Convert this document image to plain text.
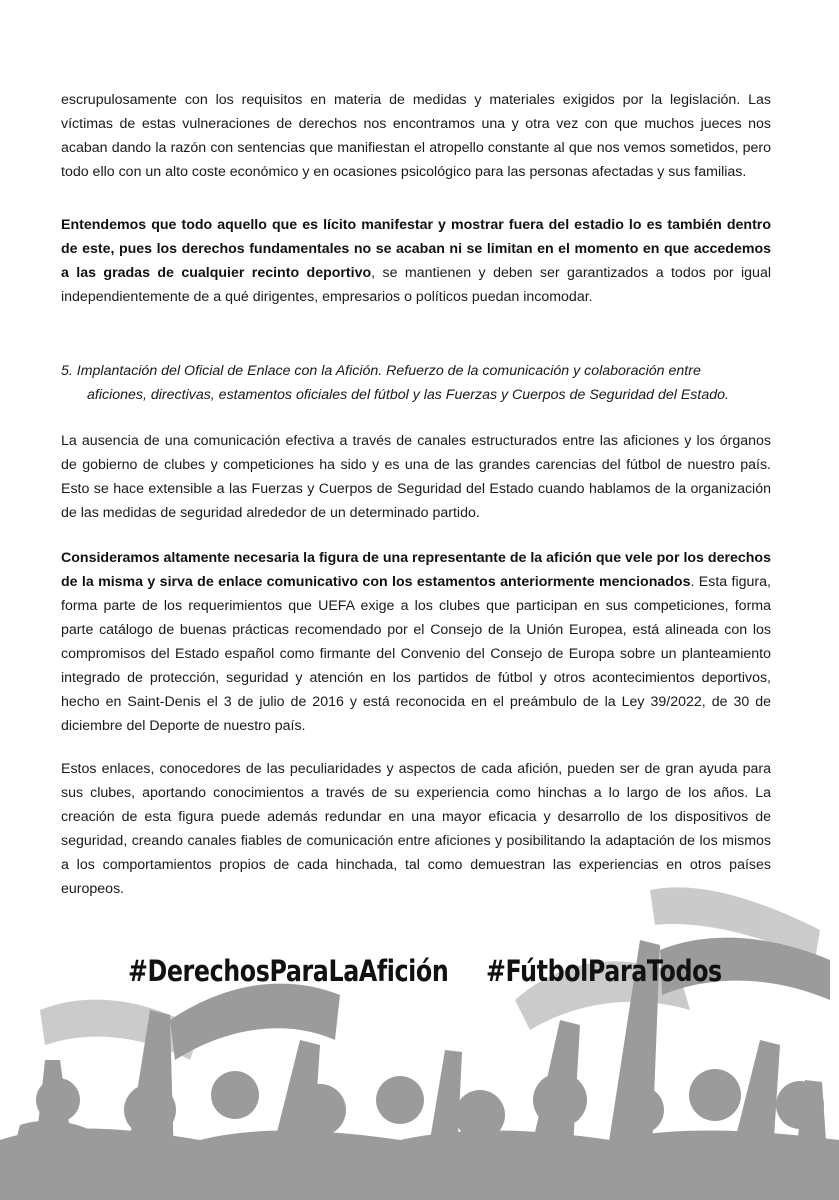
escrupulosamente con los requisitos en materia de medidas y materiales exigidos por la legislación. Las víctimas de estas vulneraciones de derechos nos encontramos una y otra vez con que muchos jueces nos acaban dando la razón con sentencias que manifiestan el atropello constante al que nos vemos sometidos, pero todo ello con un alto coste económico y en ocasiones psicológico para las personas afectadas y sus familias.
Entendemos que todo aquello que es lícito manifestar y mostrar fuera del estadio lo es también dentro de este, pues los derechos fundamentales no se acaban ni se limitan en el momento en que accedemos a las gradas de cualquier recinto deportivo, se mantienen y deben ser garantizados a todos por igual independientemente de a qué dirigentes, empresarios o políticos puedan incomodar.
5. Implantación del Oficial de Enlace con la Afición. Refuerzo de la comunicación y colaboración entre
aficiones, directivas, estamentos oficiales del fútbol y las Fuerzas y Cuerpos de Seguridad del Estado.
La ausencia de una comunicación efectiva a través de canales estructurados entre las aficiones y los órganos de gobierno de clubes y competiciones ha sido y es una de las grandes carencias del fútbol de nuestro país. Esto se hace extensible a las Fuerzas y Cuerpos de Seguridad del Estado cuando hablamos de la organización de las medidas de seguridad alrededor de un determinado partido.
Consideramos altamente necesaria la figura de una representante de la afición que vele por los derechos de la misma y sirva de enlace comunicativo con los estamentos anteriormente mencionados. Esta figura, forma parte de los requerimientos que UEFA exige a los clubes que participan en sus competiciones, forma parte catálogo de buenas prácticas recomendado por el Consejo de la Unión Europea, está alineada con los compromisos del Estado español como firmante del Convenio del Consejo de Europa sobre un planteamiento integrado de protección, seguridad y atención en los partidos de fútbol y otros acontecimientos deportivos, hecho en Saint-Denis el 3 de julio de 2016 y está reconocida en el preámbulo de la Ley 39/2022, de 30 de diciembre del Deporte de nuestro país.
Estos enlaces, conocedores de las peculiaridades y aspectos de cada afición, pueden ser de gran ayuda para sus clubes, aportando conocimientos a través de su experiencia como hinchas a lo largo de los años. La creación de esta figura puede además redundar en una mayor eficacia y desarrollo de los dispositivos de seguridad, creando canales fiables de comunicación entre aficiones y posibilitando la adaptación de los mismos a los comportamientos propios de cada hinchada, tal como demuestran las experiencias en otros países europeos.
#DerechosParaLaAfición #FútbolParaTodos
